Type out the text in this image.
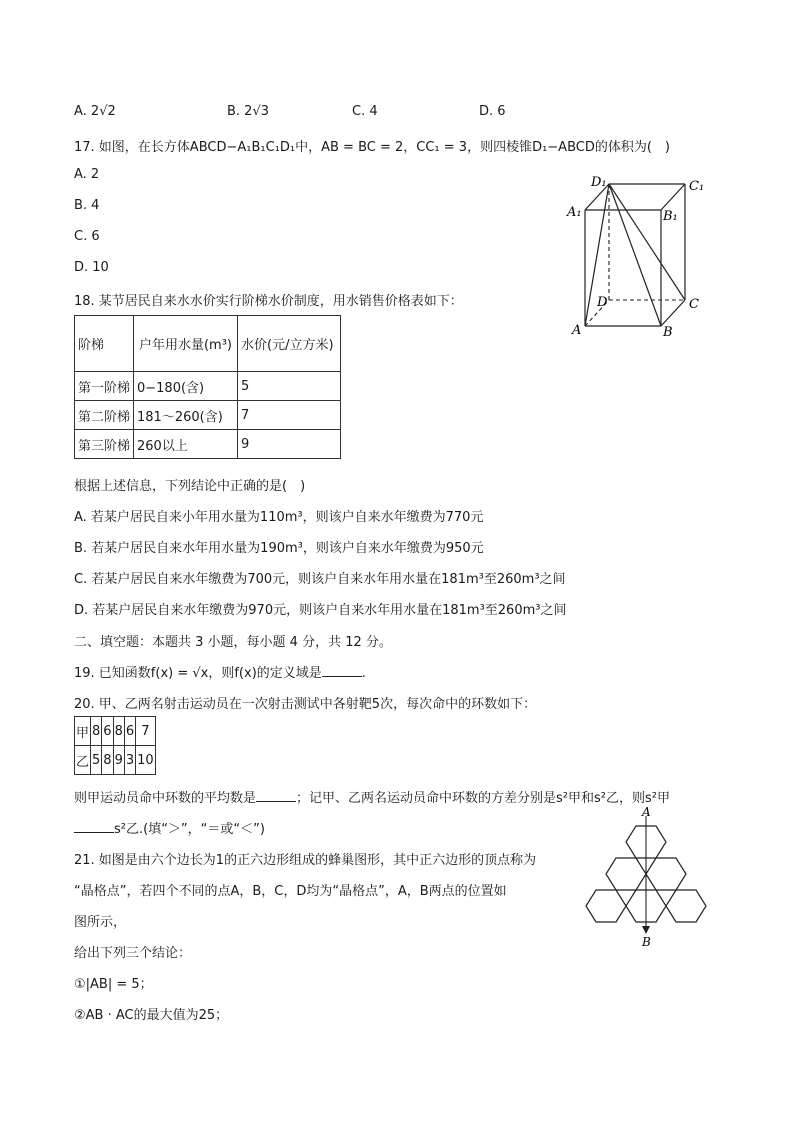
A. 2√2	B. 2√3	C. 4	D. 6
17. 如图，在长方体ABCD−A₁B₁C₁D₁中，AB = BC = 2，CC₁ = 3，则四棱锥D₁−ABCD的体积为(　)
A. 2
B. 4
C. 6
D. 10
D₁	C₁
A₁	B₁
D	C
A	B
18. 某节居民自来水水价实行阶梯水价制度，用水销售价格表如下：
阶梯	户年用水量(m³)	水价(元/立方米)
第一阶梯	0−180(含)	5
第二阶梯	181～260(含)	7
第三阶梯	260以上	9
根据上述信息，下列结论中正确的是(　)
A. 若某户居民自来小年用水量为110m³，则该户自来水年缴费为770元
B. 若某户居民自来水年用水量为190m³，则该户自来水年缴费为950元
C. 若某户居民自来水年缴费为700元，则该户自来水年用水量在181m³至260m³之间
D. 若某户居民自来水年缴费为970元，则该户自来水年用水量在181m³至260m³之间
二、填空题：本题共 3 小题，每小题 4 分，共 12 分。
19. 已知函数f(x) = √x，则f(x)的定义域是	.
20. 甲、乙两名射击运动员在一次射击测试中各射靶5次，每次命中的环数如下：
甲	8	6	8	6	7
乙	5	8	9	3	10
则甲运动员命中环数的平均数是	；记甲、乙两名运动员命中环数的方差分别是s²甲和s²乙，则s²甲
s²乙.(填“＞”，“＝或“＜”)
21. 如图是由六个边长为1的正六边形组成的蜂巢图形，其中正六边形的顶点称为
“晶格点”，若四个不同的点A，B，C，D均为“晶格点”，A，B两点的位置如
图所示，
给出下列三个结论：
①|AB| = 5；
②AB · AC的最大值为25；
A
B
